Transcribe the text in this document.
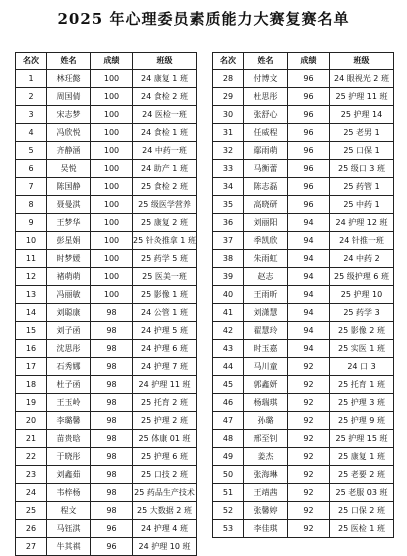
2025 年心理委员素质能力大赛复赛名单
名次	姓名	成绩	班级
1	林玨懿	100	24 康复 1 班
2	周国倩	100	24 食检 2 班
3	宋志梦	100	24 医检一班
4	冯欣悦	100	24 食检 1 班
5	齐静涵	100	24 中药一班
6	吴悦	100	24 助产 1 班
7	陈国静	100	25 食检 2 班
8	聂曼淇	100	25 级医学营养
9	王梦华	100	25 康复 2 班
10	彭星娟	100	25 针灸推拿 1 班
11	时梦媛	100	25 药学 5 班
12	褚萌萌	100	25 医美一班
13	冯丽敏	100	25 影像 1 班
14	刘聪康	98	24 公管 1 班
15	刘子函	98	24 护理 5 班
16	沈思彤	98	24 护理 6 班
17	石秀娜	98	24 护理 7 班
18	杜子函	98	24 护理 11 班
19	王玉岭	98	25 托育 2 班
20	李璐馨	98	25 护理 2 班
21	苗贵晗	98	25 体康 01 班
22	于晓彤	98	25 护理 6 班
23	刘鑫茹	98	25 口技 2 班
24	韦梓杨	98	25 药品生产技术
25	程文	98	25 大数据 2 班
26	马钰淇	96	24 护理 4 班
27	牛其祺	96	24 护理 10 班
名次	姓名	成绩	班级
28	付博文	96	24 眼视光 2 班
29	杜思彤	96	25 护理 11 班
30	张舒心	96	25 护理 14
31	任威程	96	25 老男 1
32	鄢雨萌	96	25 口保 1
33	马衡蕾	96	25 级口 3 班
34	陈志磊	96	25 药管 1
35	高晓研	96	25 中药 1
36	刘丽阳	94	24 护理 12 班
37	季凯欣	94	24 针推一班
38	朱雨虹	94	24 中药 2
39	赵志	94	25 级护理 6 班
40	王雨昕	94	25 护理 10
41	刘潇慧	94	25 药学 3
42	翟慧玲	94	25 影像 2 班
43	时玉嘉	94	25 实医 1 班
44	马川童	92	24 口 3
45	郭鑫妍	92	25 托育 1 班
46	杨瑞琪	92	25 护理 3 班
47	孙璐	92	25 护理 9 班
48	邢至钊	92	25 护理 15 班
49	姜杰	92	25 康复 1 班
50	张海琳	92	25 老要 2 班
51	王靖茜	92	25 老服 03 班
52	张馨婷	92	25 口保 2 班
53	李佳琪	92	25 医检 1 班
